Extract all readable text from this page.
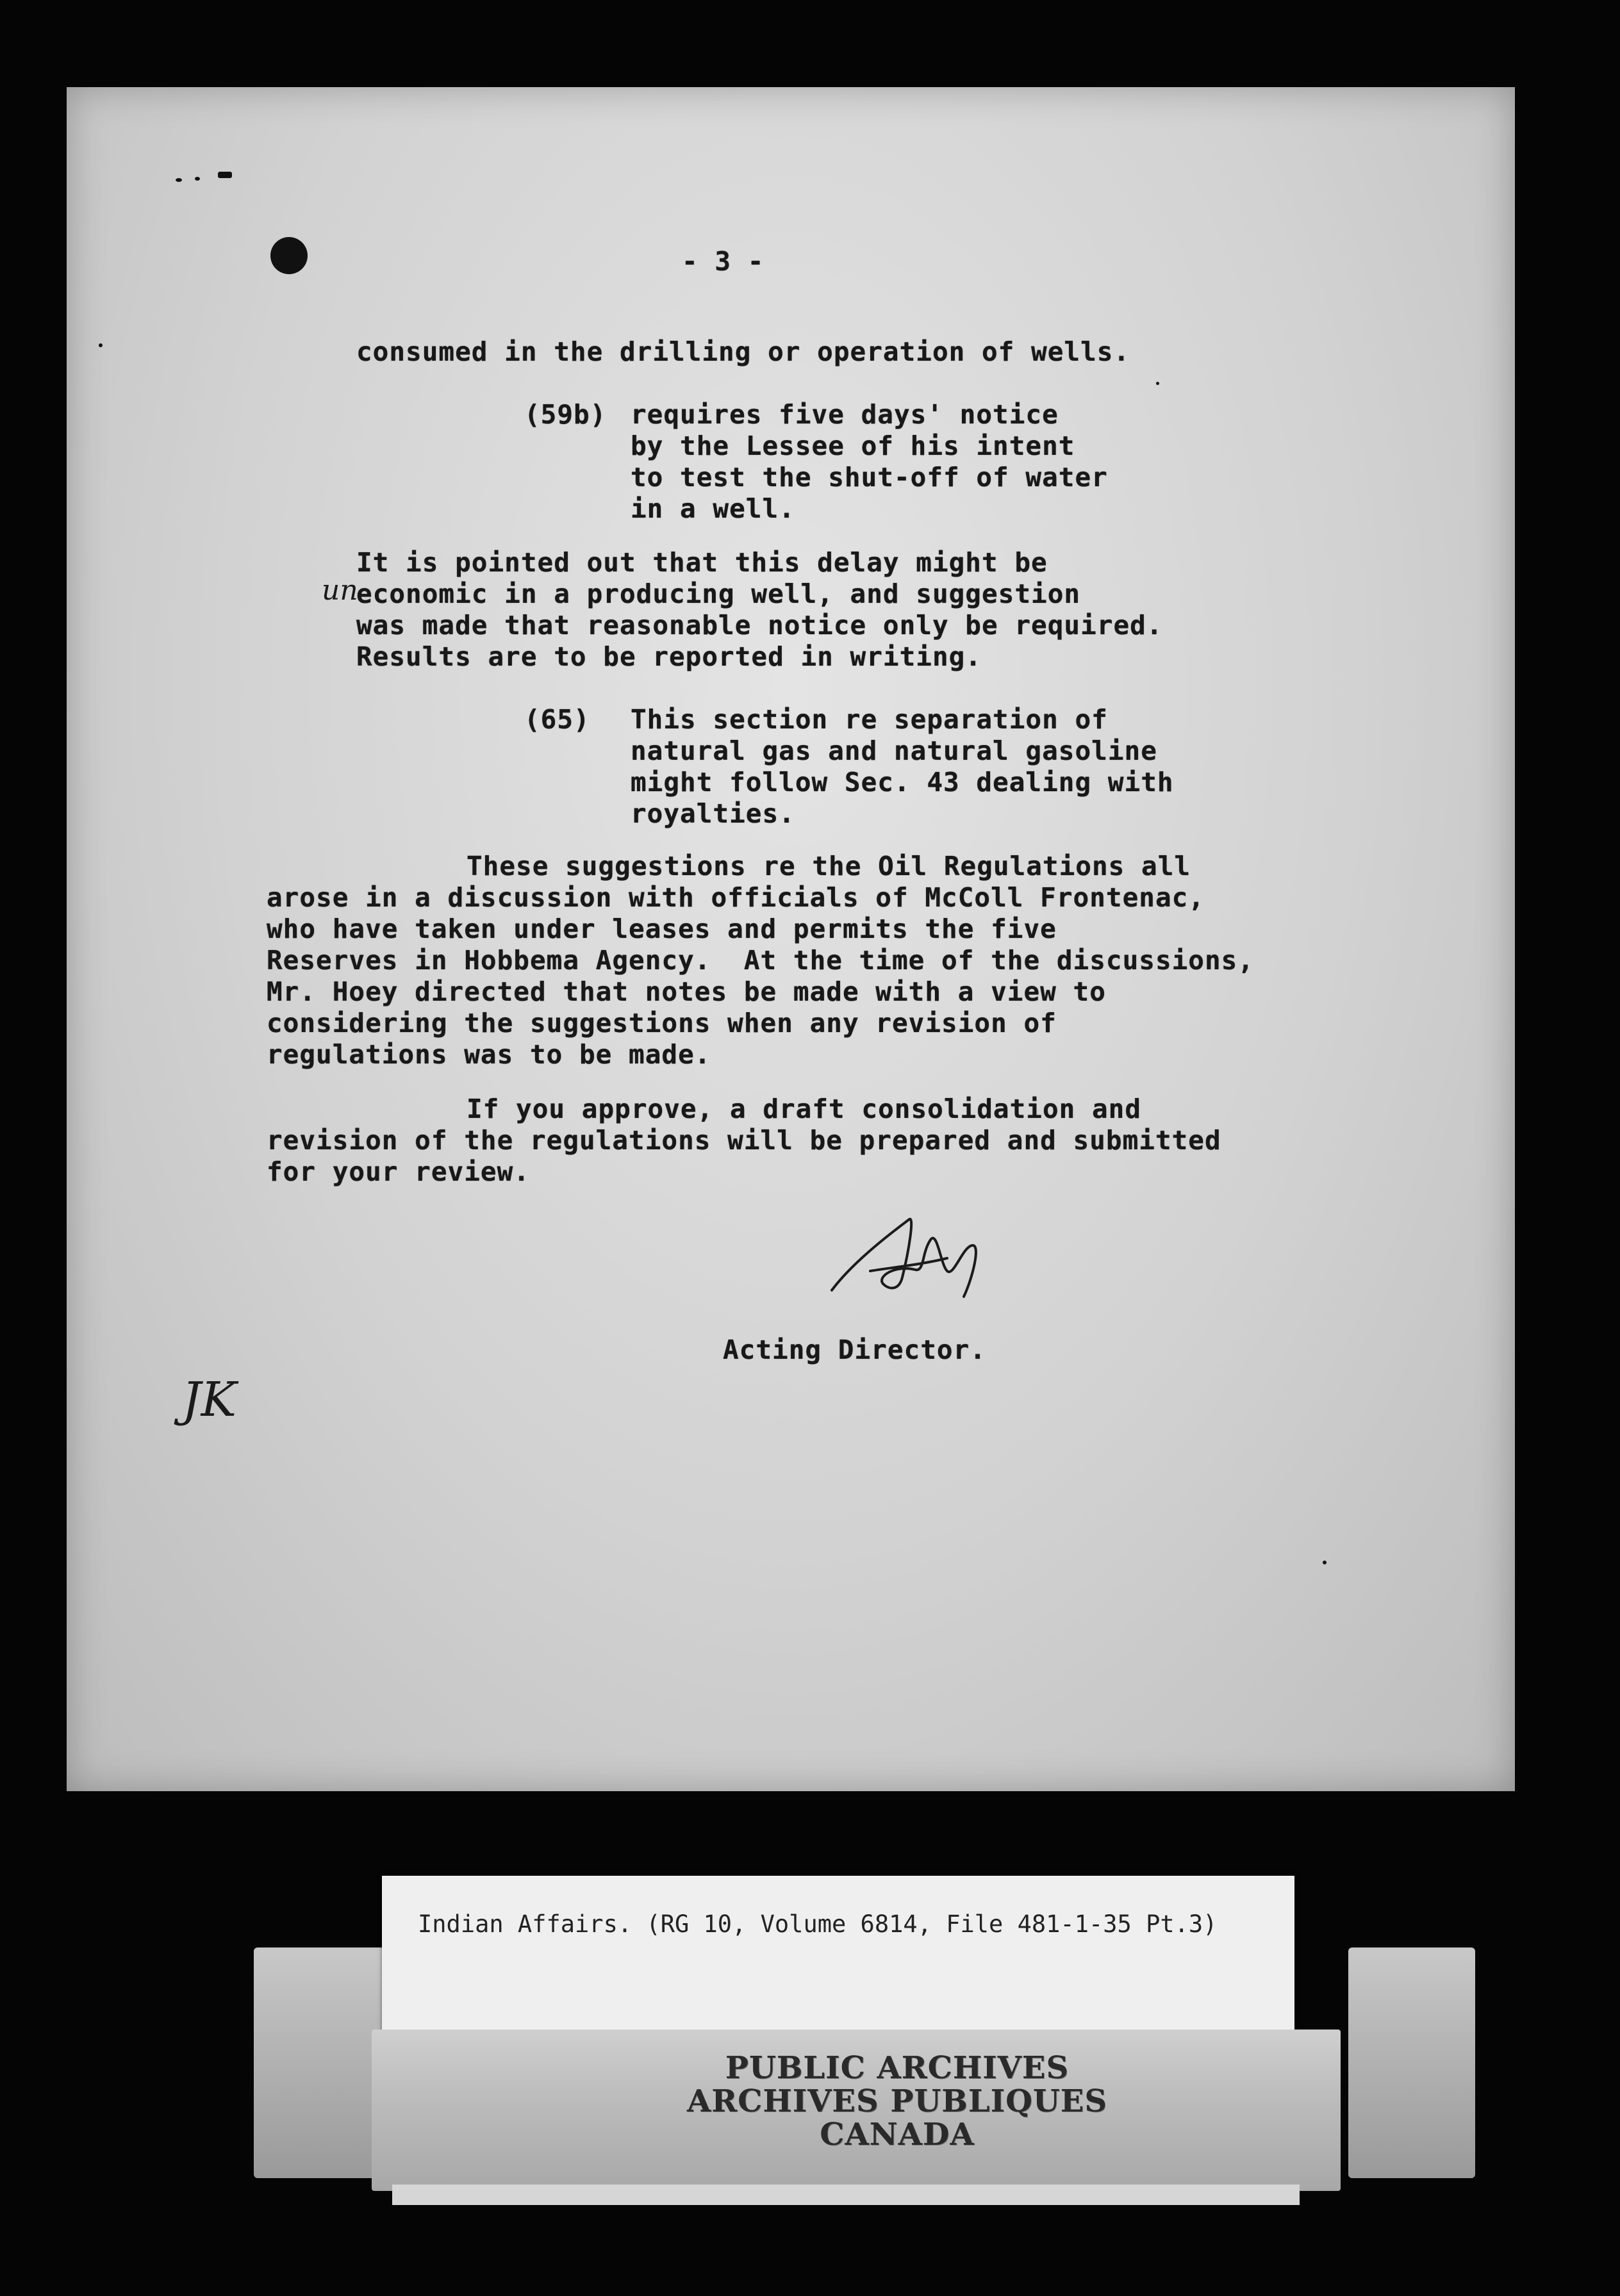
- 3 -

consumed in the drilling or operation of wells.

(59b) requires five days' notice

by the Lessee of his intent

to test the shut-off of water

in a well.

It is pointed out that this delay might be

un

economic in a producing well, and suggestion

was made that reasonable notice only be required.

Results are to be reported in writing.

(65) This section re separation of

natural gas and natural gasoline

might follow Sec. 43 dealing with

royalties.

These suggestions re the Oil Regulations all

arose in a discussion with officials of McColl Frontenac,

who have taken under leases and permits the five

Reserves in Hobbema Agency.  At the time of the discussions,

Mr. Hoey directed that notes be made with a view to

considering the suggestions when any revision of

regulations was to be made.

If you approve, a draft consolidation and

revision of the regulations will be prepared and submitted

for your review.

Acting Director.

JK

Indian Affairs. (RG 10, Volume 6814, File 481-1-35 Pt.3)

PUBLIC ARCHIVES

ARCHIVES PUBLIQUES

CANADA
